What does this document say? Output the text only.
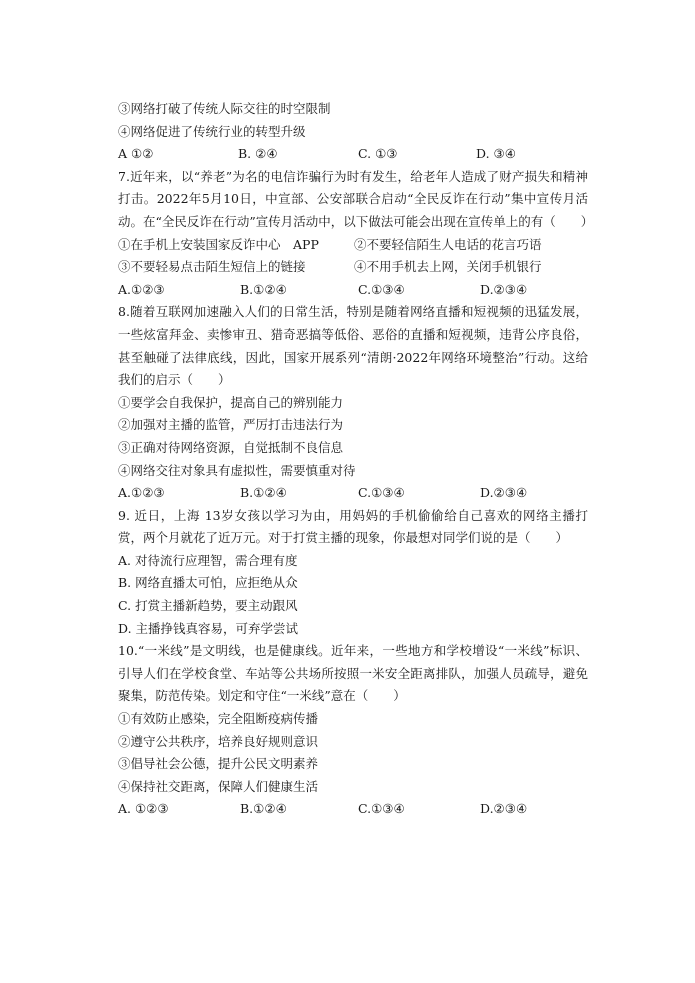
③网络打破了传统人际交往的时空限制
④网络促进了传统行业的转型升级
A ①②	B. ②④	C. ①③	D. ③④
7.近年来，以“养老”为名的电信诈骗行为时有发生，给老年人造成了财产损失和精神打击。2022年5月10日，中宣部、公安部联合启动“全民反诈在行动”集中宣传月活动。在“全民反诈在行动”宣传月活动中，以下做法可能会出现在宣传单上的有（　　）
①在手机上安装国家反诈中心　APP	②不要轻信陌生人电话的花言巧语
③不要轻易点击陌生短信上的链接	④不用手机去上网，关闭手机银行
A.①②③	B.①②④	C.①③④	D.②③④
8.随着互联网加速融入人们的日常生活，特别是随着网络直播和短视频的迅猛发展，一些炫富拜金、卖惨审丑、猎奇恶搞等低俗、恶俗的直播和短视频，违背公序良俗，甚至触碰了法律底线，因此，国家开展系列“清朗·2022年网络环境整治”行动。这给我们的启示（　　）
①要学会自我保护，提高自己的辨别能力
②加强对主播的监管，严厉打击违法行为
③正确对待网络资源，自觉抵制不良信息
④网络交往对象具有虚拟性，需要慎重对待
A.①②③	B.①②④	C.①③④	D.②③④
9. 近日，上海 13岁女孩以学习为由，用妈妈的手机偷偷给自己喜欢的网络主播打赏，两个月就花了近万元。对于打赏主播的现象，你最想对同学们说的是（　　）
A. 对待流行应理智，需合理有度
B. 网络直播太可怕，应拒绝从众
C. 打赏主播新趋势，要主动跟风
D. 主播挣钱真容易，可弃学尝试
10.“一米线”是文明线，也是健康线。近年来，一些地方和学校增设“一米线”标识、引导人们在学校食堂、车站等公共场所按照一米安全距离排队，加强人员疏导，避免聚集，防范传染。划定和守住“一米线”意在（　　）
①有效防止感染，完全阻断疫病传播
②遵守公共秩序，培养良好规则意识
③倡导社会公德，提升公民文明素养
④保持社交距离，保障人们健康生活
A. ①②③	B.①②④	C.①③④	D.②③④
